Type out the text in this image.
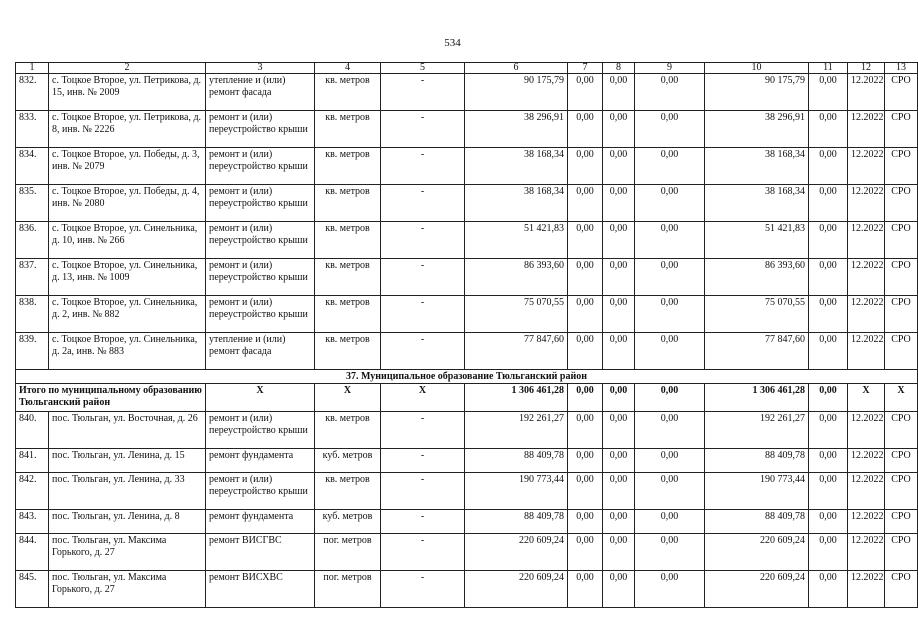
534
1	2	3	4	5	6	7	8	9	10	11	12	13
832.	с. Тоцкое Второе, ул. Петрикова, д. 15, инв. № 2009	утепление и (или) ремонт фасада	кв. метров	-	90 175,79	0,00	0,00	0,00	90 175,79	0,00	12.2022	СРО
833.	с. Тоцкое Второе, ул. Петрикова, д. 8, инв. № 2226	ремонт и (или) переустройство крыши	кв. метров	-	38 296,91	0,00	0,00	0,00	38 296,91	0,00	12.2022	СРО
834.	с. Тоцкое Второе, ул. Победы, д. 3, инв. № 2079	ремонт и (или) переустройство крыши	кв. метров	-	38 168,34	0,00	0,00	0,00	38 168,34	0,00	12.2022	СРО
835.	с. Тоцкое Второе, ул. Победы, д. 4, инв. № 2080	ремонт и (или) переустройство крыши	кв. метров	-	38 168,34	0,00	0,00	0,00	38 168,34	0,00	12.2022	СРО
836.	с. Тоцкое Второе, ул. Синельника, д. 10, инв. № 266	ремонт и (или) переустройство крыши	кв. метров	-	51 421,83	0,00	0,00	0,00	51 421,83	0,00	12.2022	СРО
837.	с. Тоцкое Второе, ул. Синельника, д. 13, инв. № 1009	ремонт и (или) переустройство крыши	кв. метров	-	86 393,60	0,00	0,00	0,00	86 393,60	0,00	12.2022	СРО
838.	с. Тоцкое Второе, ул. Синельника, д. 2, инв. № 882	ремонт и (или) переустройство крыши	кв. метров	-	75 070,55	0,00	0,00	0,00	75 070,55	0,00	12.2022	СРО
839.	с. Тоцкое Второе, ул. Синельника, д. 2а, инв. № 883	утепление и (или) ремонт фасада	кв. метров	-	77 847,60	0,00	0,00	0,00	77 847,60	0,00	12.2022	СРО
37. Муниципальное образование Тюльганский район												
Итого по муниципальному образованию Тюльганский район		X	X	X	1 306 461,28	0,00	0,00	0,00	1 306 461,28	0,00	X	X
840.	пос. Тюльган, ул. Восточная, д. 26	ремонт и (или) переустройство крыши	кв. метров	-	192 261,27	0,00	0,00	0,00	192 261,27	0,00	12.2022	СРО
841.	пос. Тюльган, ул. Ленина, д. 15	ремонт фундамента	куб. метров	-	88 409,78	0,00	0,00	0,00	88 409,78	0,00	12.2022	СРО
842.	пос. Тюльган, ул. Ленина, д. 33	ремонт и (или) переустройство крыши	кв. метров	-	190 773,44	0,00	0,00	0,00	190 773,44	0,00	12.2022	СРО
843.	пос. Тюльган, ул. Ленина, д. 8	ремонт фундамента	куб. метров	-	88 409,78	0,00	0,00	0,00	88 409,78	0,00	12.2022	СРО
844.	пос. Тюльган, ул. Максима Горького, д. 27	ремонт ВИСГВС	пог. метров	-	220 609,24	0,00	0,00	0,00	220 609,24	0,00	12.2022	СРО
845.	пос. Тюльган, ул. Максима Горького, д. 27	ремонт ВИСХВС	пог. метров	-	220 609,24	0,00	0,00	0,00	220 609,24	0,00	12.2022	СРО
